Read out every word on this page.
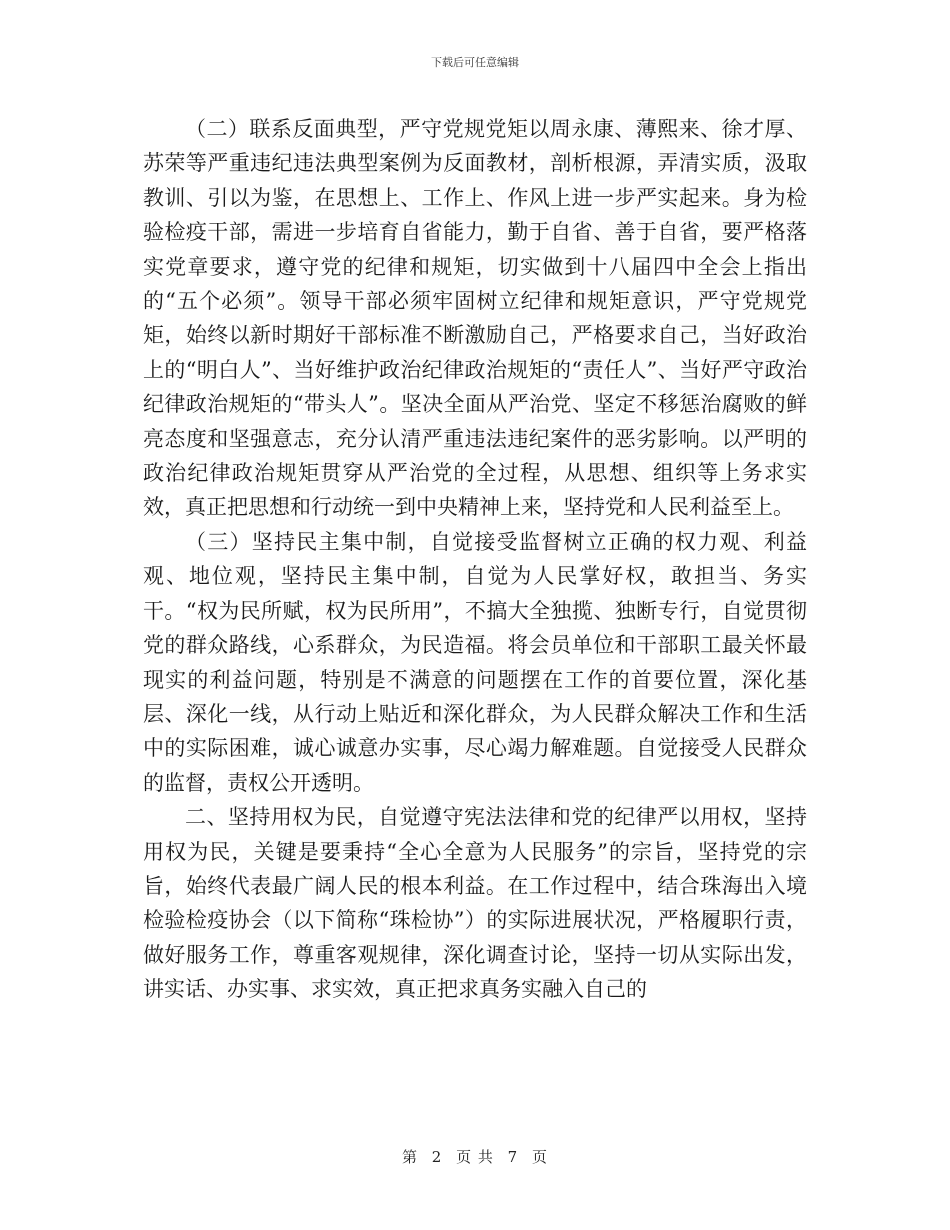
下载后可任意编辑

（二）联系反面典型，严守党规党矩以周永康、薄熙来、徐才厚、苏荣等严重违纪违法典型案例为反面教材，剖析根源，弄清实质，汲取教训、引以为鉴，在思想上、工作上、作风上进一步严实起来。身为检验检疫干部，需进一步培育自省能力，勤于自省、善于自省，要严格落实党章要求，遵守党的纪律和规矩，切实做到十八届四中全会上指出的“五个必须”。领导干部必须牢固树立纪律和规矩意识，严守党规党矩，始终以新时期好干部标准不断激励自己，严格要求自己，当好政治上的“明白人”、当好维护政治纪律政治规矩的“责任人”、当好严守政治纪律政治规矩的“带头人”。坚决全面从严治党、坚定不移惩治腐败的鲜亮态度和坚强意志，充分认清严重违法违纪案件的恶劣影响。以严明的政治纪律政治规矩贯穿从严治党的全过程，从思想、组织等上务求实效，真正把思想和行动统一到中央精神上来，坚持党和人民利益至上。

（三）坚持民主集中制，自觉接受监督树立正确的权力观、利益观、地位观，坚持民主集中制，自觉为人民掌好权，敢担当、务实干。“权为民所赋，权为民所用”，不搞大全独揽、独断专行，自觉贯彻党的群众路线，心系群众，为民造福。将会员单位和干部职工最关怀最现实的利益问题，特别是不满意的问题摆在工作的首要位置，深化基层、深化一线，从行动上贴近和深化群众，为人民群众解决工作和生活中的实际困难，诚心诚意办实事，尽心竭力解难题。自觉接受人民群众的监督，责权公开透明。

二、坚持用权为民，自觉遵守宪法法律和党的纪律严以用权，坚持用权为民，关键是要秉持“全心全意为人民服务”的宗旨，坚持党的宗旨，始终代表最广阔人民的根本利益。在工作过程中，结合珠海出入境检验检疫协会（以下简称“珠检协”）的实际进展状况，严格履职行责，做好服务工作，尊重客观规律，深化调查讨论，坚持一切从实际出发，讲实话、办实事、求实效，真正把求真务实融入自己的

第 2 页 共 7 页
